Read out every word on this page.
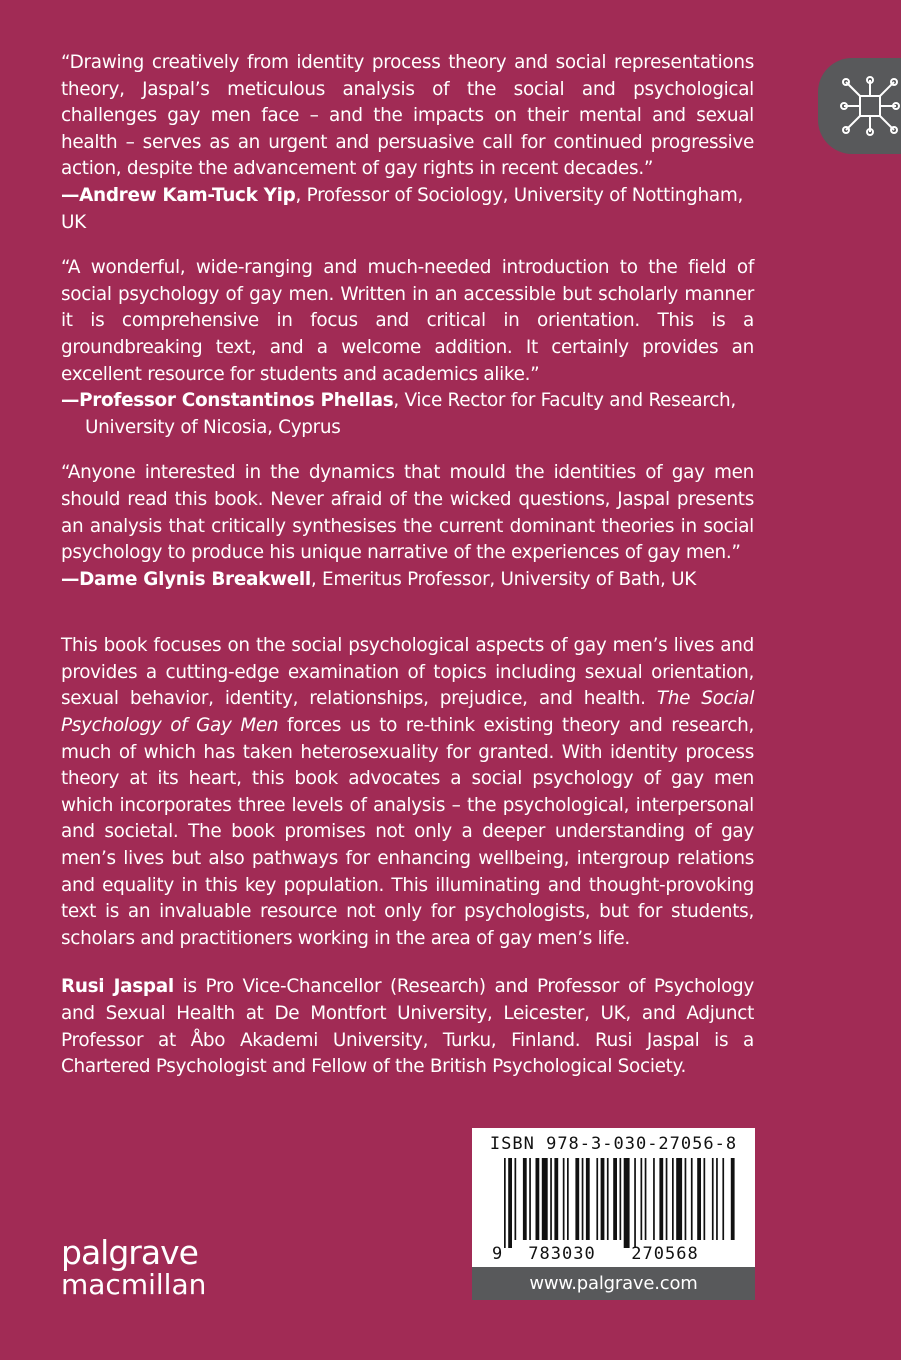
“Drawing creatively from identity process theory and social representations theory, Jaspal’s meticulous analysis of the social and psychological challenges gay men face – and the impacts on their mental and sexual health – serves as an urgent and persuasive call for continued progressive action, despite the advancement of gay rights in recent decades.”

—Andrew Kam-Tuck Yip, Professor of Sociology, University of Nottingham, UK

“A wonderful, wide-ranging and much-needed introduction to the field of social psychology of gay men. Written in an accessible but scholarly manner it is comprehensive in focus and critical in orientation. This is a groundbreaking text, and a welcome addition. It certainly provides an excellent resource for students and academics alike.”

—Professor Constantinos Phellas, Vice Rector for Faculty and Research,
University of Nicosia, Cyprus

“Anyone interested in the dynamics that mould the identities of gay men should read this book. Never afraid of the wicked questions, Jaspal presents an analysis that critically synthesises the current dominant theories in social psychology to produce his unique narrative of the experiences of gay men.”

—Dame Glynis Breakwell, Emeritus Professor, University of Bath, UK

This book focuses on the social psychological aspects of gay men’s lives and provides a cutting-edge examination of topics including sexual orientation, sexual behavior, identity, relationships, prejudice, and health. The Social Psychology of Gay Men forces us to re-think existing theory and research, much of which has taken heterosexuality for granted. With identity process theory at its heart, this book advocates a social psychology of gay men which incorporates three levels of analysis – the psychological, interpersonal and societal. The book promises not only a deeper understanding of gay men’s lives but also pathways for enhancing wellbeing, intergroup relations and equality in this key population. This illuminating and thought-provoking text is an invaluable resource not only for psychologists, but for students, scholars and practitioners working in the area of gay men’s life.

Rusi Jaspal is Pro Vice-Chancellor (Research) and Professor of Psychology and Sexual Health at De Montfort University, Leicester, UK, and Adjunct Professor at Åbo Akademi University, Turku, Finland. Rusi Jaspal is a Chartered Psychologist and Fellow of the British Psychological Society.

ISBN 978-3-030-27056-8
9 783030 270568
www.palgrave.com
palgrave
macmillan
